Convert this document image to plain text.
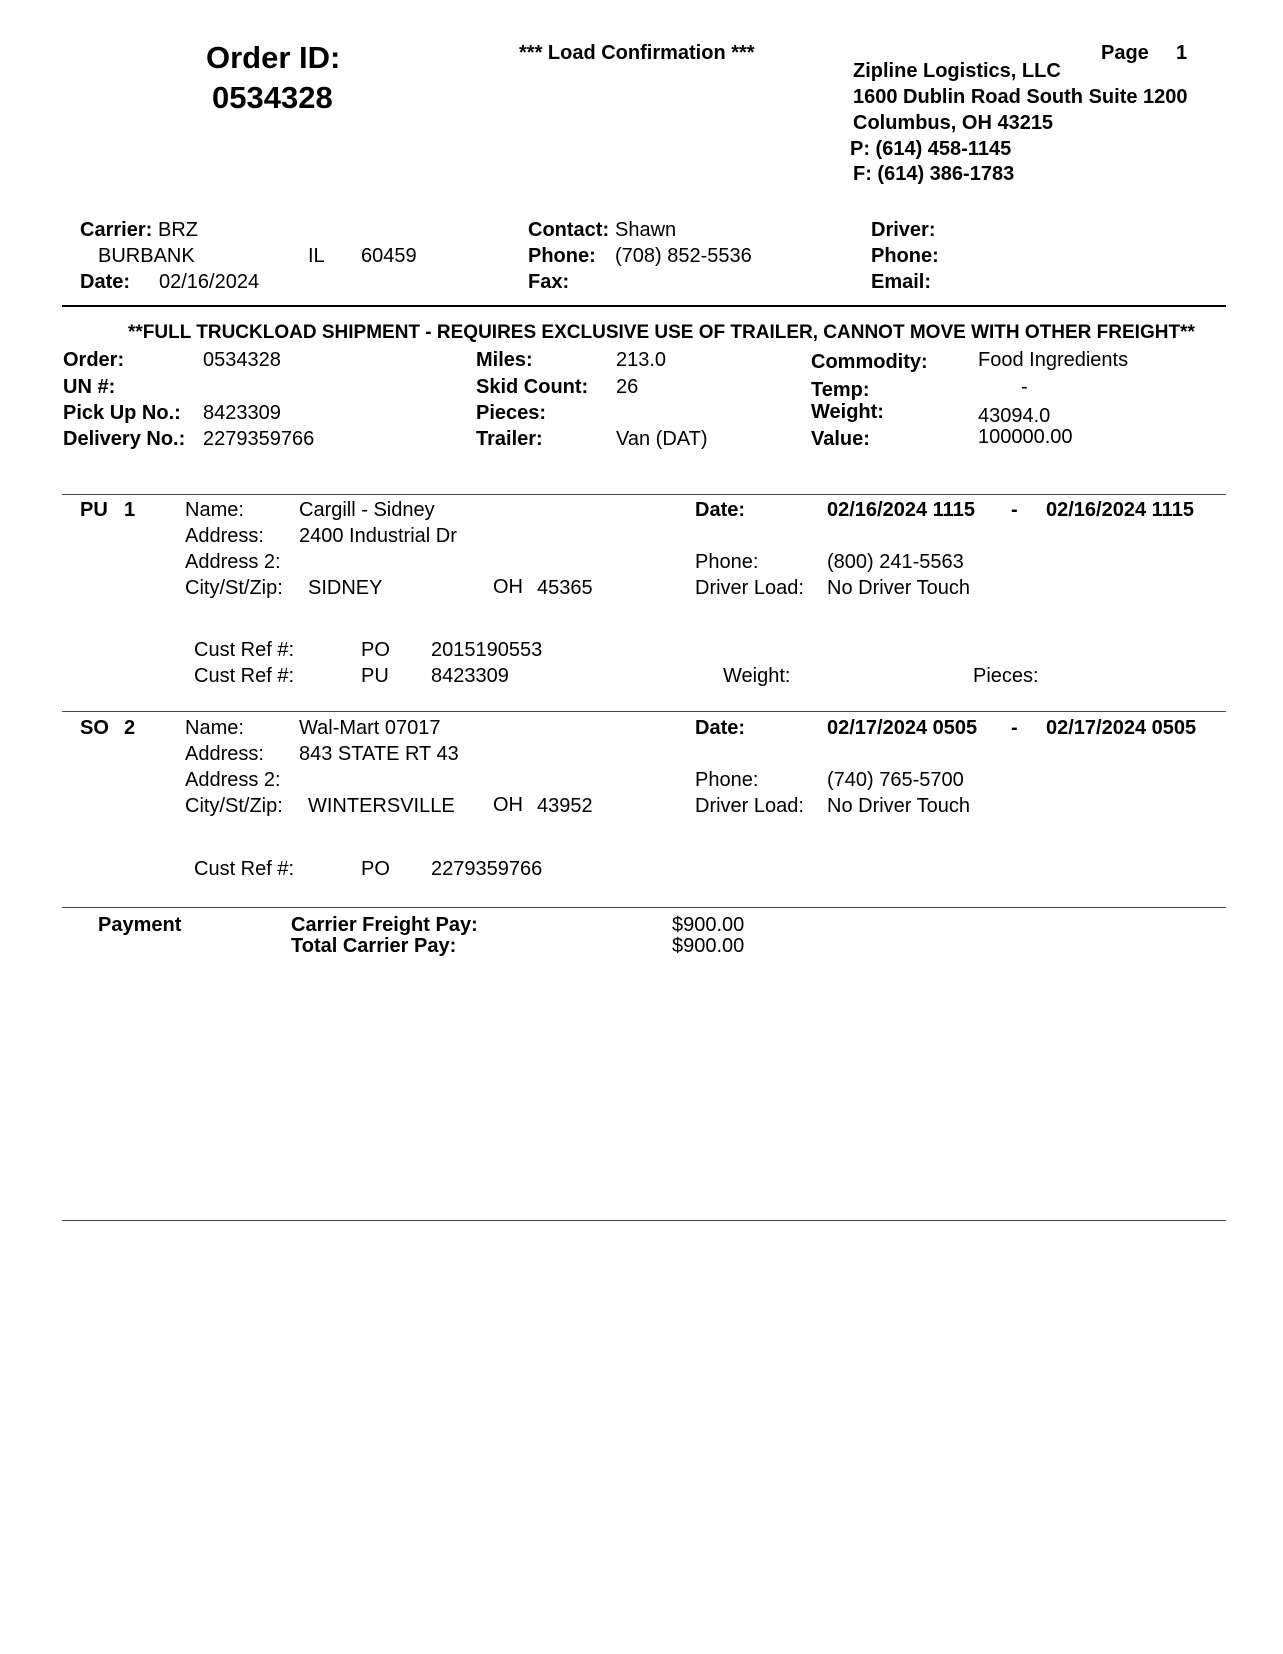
Order ID:
0534328
*** Load Confirmation ***	Page 1
Zipline Logistics, LLC
1600 Dublin Road South Suite 1200
Columbus, OH 43215
P: (614) 458-1145
F: (614) 386-1783
Carrier: BRZ
BURBANK	IL 60459
Date: 02/16/2024
Contact: Shawn
Phone: (708) 852-5536
Fax:
Driver:
Phone:
Email:
**FULL TRUCKLOAD SHIPMENT - REQUIRES EXCLUSIVE USE OF TRAILER, CANNOT MOVE WITH OTHER FREIGHT**
Order:	0534328
UN #:
Pick Up No.: 8423309
Delivery No.: 2279359766
Miles:	213.0
Skid Count: 26
Pieces:
Trailer:	Van (DAT)
Commodity:	Food Ingredients
Temp:	-
Weight:	43094.0
Value:	100000.00
PU 1 Name:	Cargill - Sidney
Address: 2400 Industrial Dr
Address 2:
City/St/Zip: SIDNEY	OH 45365
Date:	02/16/2024 1115 - 02/16/2024 1115
Phone:	(800) 241-5563
Driver Load: No Driver Touch
Cust Ref #:	PO 2015190553
Cust Ref #:	PU 8423309	Weight:	Pieces:
SO 2 Name:	Wal-Mart 07017
Address: 843 STATE RT 43
Address 2:
City/St/Zip: WINTERSVILLE OH 43952
Date:	02/17/2024 0505 - 02/17/2024 0505
Phone:	(740) 765-5700
Driver Load: No Driver Touch
Cust Ref #:	PO 2279359766
Payment	Carrier Freight Pay:	$900.00
Total Carrier Pay:	$900.00
